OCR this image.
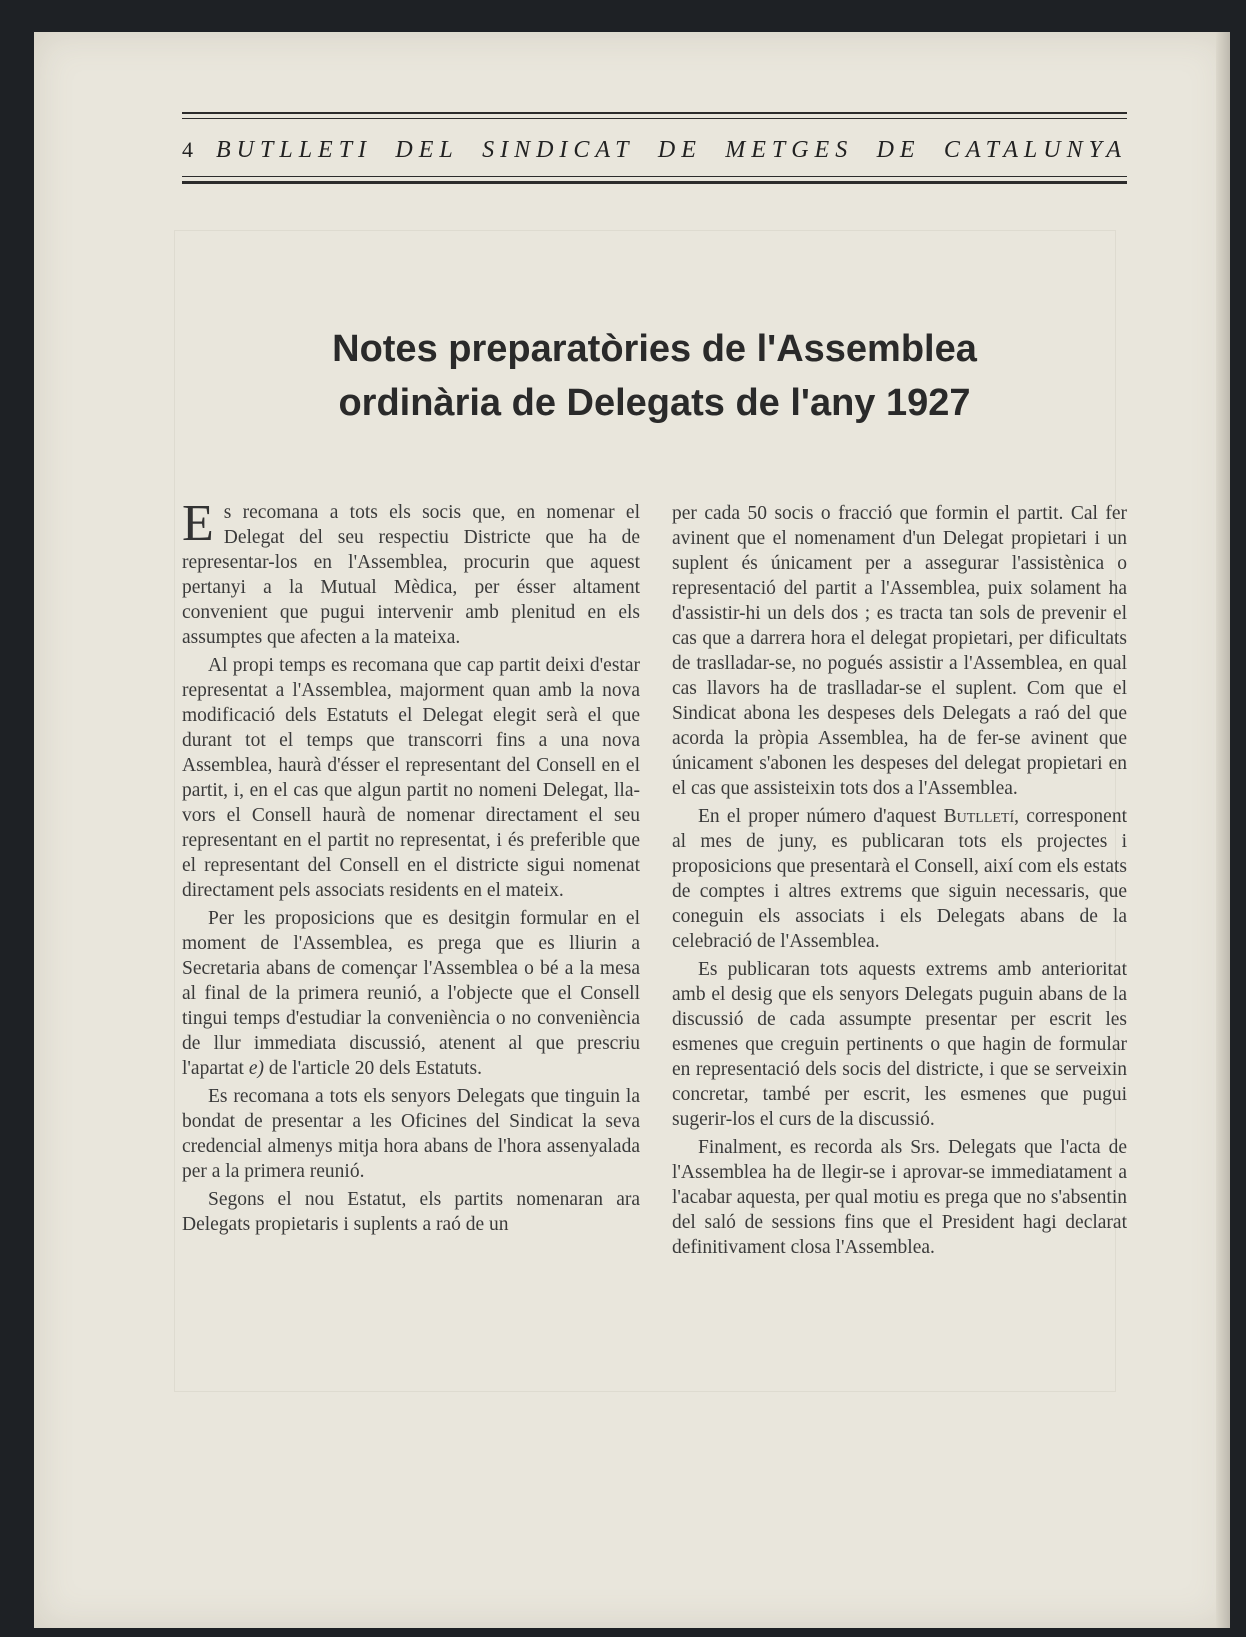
4 BUTLLETI DEL SINDICAT DE METGES DE CATALUNYA
Notes preparatòries de l'Assemblea
ordinària de Delegats de l'any 1927

Es recomana a tots els socis que, en nomenar el Delegat del seu respectiu Districte que ha de representar-los en l'Assemblea, procurin que aquest pertanyi a la Mutual Mèdica, per ésser altament convenient que pugui intervenir amb plenitud en els assumptes que afecten a la mateixa.

Al propi temps es recomana que cap partit deixi d'estar representat a l'Assemblea, majorment quan amb la nova modificació dels Estatuts el Delegat elegit serà el que durant tot el temps que transcorri fins a una nova Assemblea, haurà d'ésser el representant del Consell en el partit, i, en el cas que algun partit no nomeni Delegat, llavors el Consell haurà de nomenar directament el seu representant en el partit no representat, i és preferible que el representant del Consell en el districte sigui nomenat directament pels associats residents en el mateix.

Per les proposicions que es desitgin formular en el moment de l'Assemblea, es prega que es lliurin a Secretaria abans de començar l'Assemblea o bé a la mesa al final de la primera reunió, a l'objecte que el Consell tingui temps d'estudiar la conveniència o no conveniència de llur immediata discussió, atenent al que prescriu l'apartat e) de l'article 20 dels Estatuts.

Es recomana a tots els senyors Delegats que tinguin la bondat de presentar a les Oficines del Sindicat la seva credencial almenys mitja hora abans de l'hora assenyalada per a la primera reunió.

Segons el nou Estatut, els partits nomenaran ara Delegats propietaris i suplents a raó de un

per cada 50 socis o fracció que formin el partit. Cal fer avinent que el nomenament d'un Delegat propietari i un suplent és únicament per a assegurar l'assistènica o representació del partit a l'Assemblea, puix solament ha d'assistir-hi un dels dos ; es tracta tan sols de prevenir el cas que a darrera hora el delegat propietari, per dificultats de traslladar-se, no pogués assistir a l'Assemblea, en qual cas llavors ha de traslladar-se el suplent. Com que el Sindicat abona les despeses dels Delegats a raó del que acorda la pròpia Assemblea, ha de fer-se avinent que únicament s'abonen les despeses del delegat propietari en el cas que assisteixin tots dos a l'Assemblea.

En el proper número d'aquest Butlletí, corresponent al mes de juny, es publicaran tots els projectes i proposicions que presentarà el Consell, així com els estats de comptes i altres extrems que siguin necessaris, que coneguin els associats i els Delegats abans de la celebració de l'Assemblea.

Es publicaran tots aquests extrems amb anterioritat amb el desig que els senyors Delegats puguin abans de la discussió de cada assumpte presentar per escrit les esmenes que creguin pertinents o que hagin de formular en representació dels socis del districte, i que se serveixin concretar, també per escrit, les esmenes que pugui sugerir-los el curs de la discussió.

Finalment, es recorda als Srs. Delegats que l'acta de l'Assemblea ha de llegir-se i aprovar-se immediatament a l'acabar aquesta, per qual motiu es prega que no s'absentin del saló de sessions fins que el President hagi declarat definitivament closa l'Assemblea.
